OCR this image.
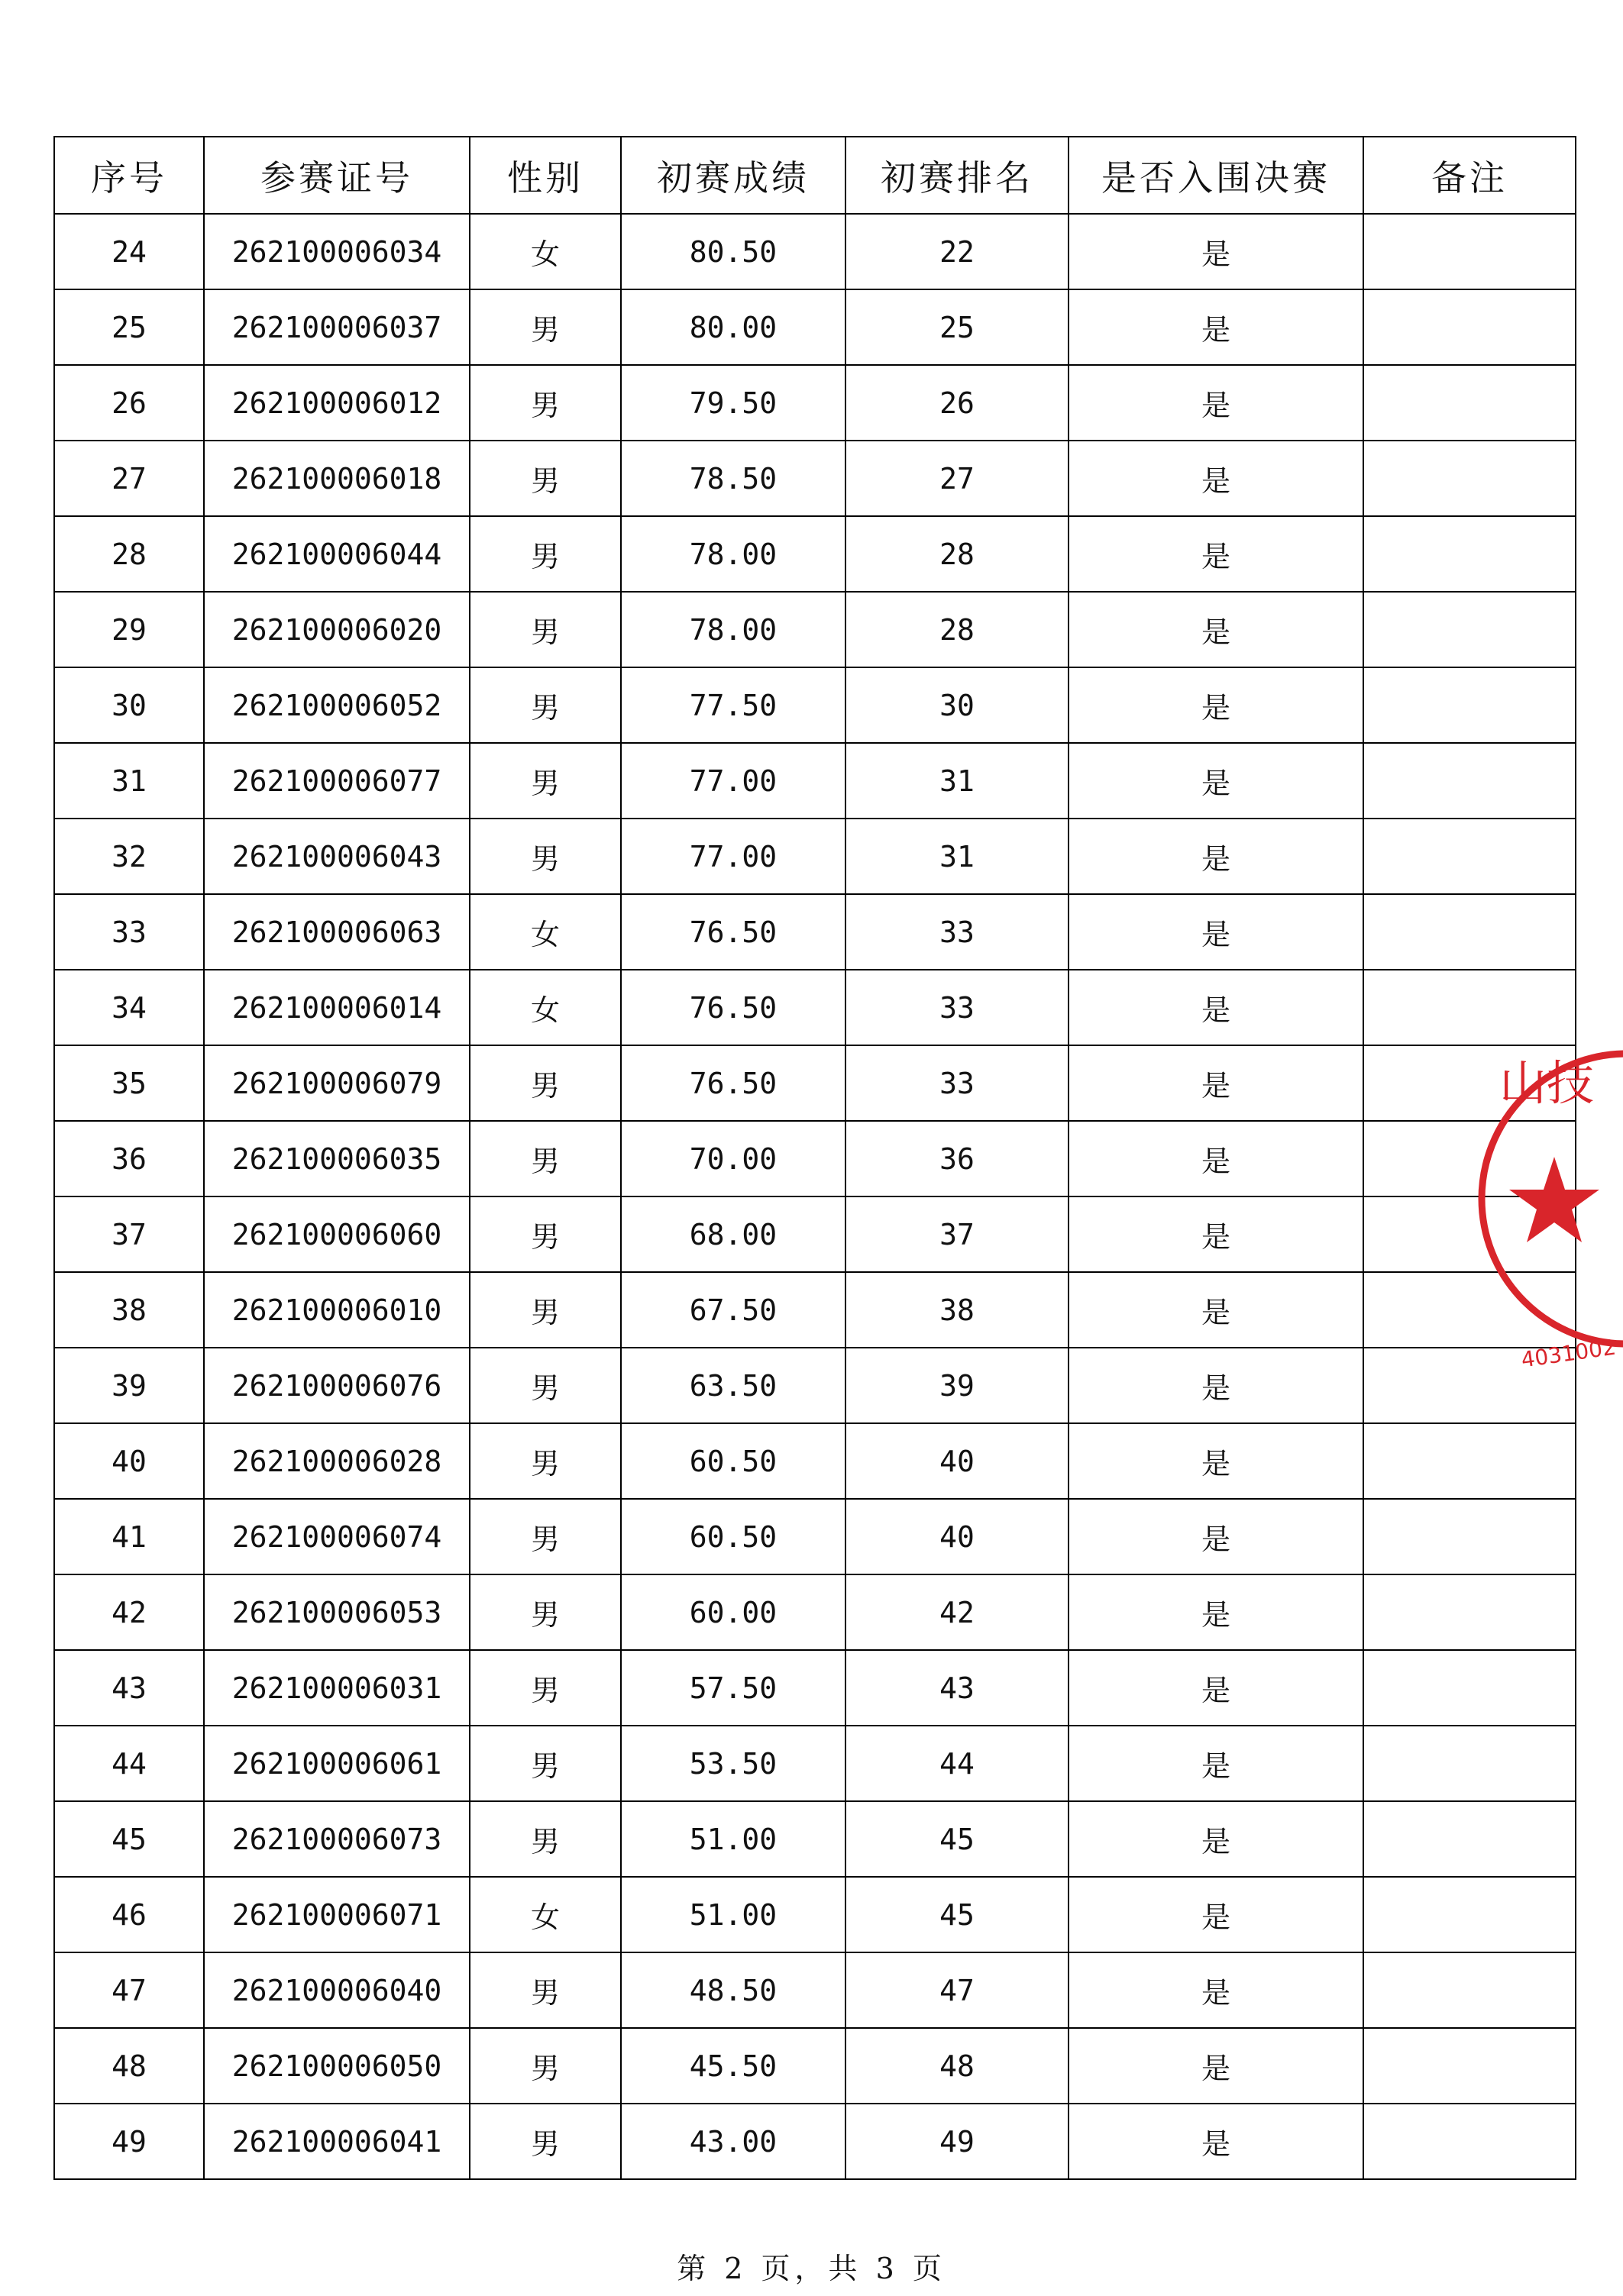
序号	参赛证号	性别	初赛成绩	初赛排名	是否入围决赛	备注
24	262100006034	女	80.50	22	是	
25	262100006037	男	80.00	25	是	
26	262100006012	男	79.50	26	是	
27	262100006018	男	78.50	27	是	
28	262100006044	男	78.00	28	是	
29	262100006020	男	78.00	28	是	
30	262100006052	男	77.50	30	是	
31	262100006077	男	77.00	31	是	
32	262100006043	男	77.00	31	是	
33	262100006063	女	76.50	33	是	
34	262100006014	女	76.50	33	是	
35	262100006079	男	76.50	33	是	
36	262100006035	男	70.00	36	是	
37	262100006060	男	68.00	37	是	
38	262100006010	男	67.50	38	是	
39	262100006076	男	63.50	39	是	
40	262100006028	男	60.50	40	是	
41	262100006074	男	60.50	40	是	
42	262100006053	男	60.00	42	是	
43	262100006031	男	57.50	43	是	
44	262100006061	男	53.50	44	是	
45	262100006073	男	51.00	45	是	
46	262100006071	女	51.00	45	是	
47	262100006040	男	48.50	47	是	
48	262100006050	男	45.50	48	是	
49	262100006041	男	43.00	49	是	
山技
4031002
第 2 页，共 3 页
